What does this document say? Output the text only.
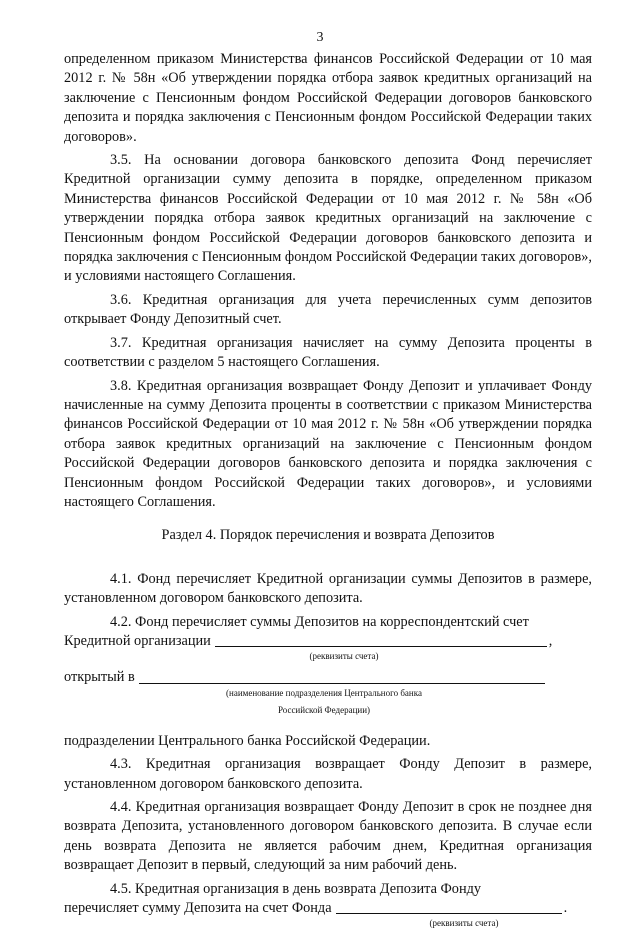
3

определенном приказом Министерства финансов Российской Федерации от 10 мая 2012 г. № 58н «Об утверждении порядка отбора заявок кредитных организаций на заключение с Пенсионным фондом Российской Федерации договоров банковского депозита и порядка заключения с Пенсионным фондом Российской Федерации таких договоров».

3.5. На основании договора банковского депозита Фонд перечисляет Кредитной организации сумму депозита в порядке, определенном приказом Министерства финансов Российской Федерации от 10 мая 2012 г. № 58н «Об утверждении порядка отбора заявок кредитных организаций на заключение с Пенсионным фондом Российской Федерации договоров банковского депозита и порядка заключения с Пенсионным фондом Российской Федерации таких договоров», и условиями настоящего Соглашения.

3.6. Кредитная организация для учета перечисленных сумм депозитов открывает Фонду Депозитный счет.

3.7. Кредитная организация начисляет на сумму Депозита проценты в соответствии с разделом 5 настоящего Соглашения.

3.8. Кредитная организация возвращает Фонду Депозит и уплачивает Фонду начисленные на сумму Депозита проценты в соответствии с приказом Министерства финансов Российской Федерации от 10 мая 2012 г. № 58н «Об утверждении порядка отбора заявок кредитных организаций на заключение с Пенсионным фондом Российской Федерации договоров банковского депозита и порядка заключения с Пенсионным фондом Российской Федерации таких договоров», и условиями настоящего Соглашения.

Раздел 4. Порядок перечисления и возврата Депозитов

4.1. Фонд перечисляет Кредитной организации суммы Депозитов в размере, установленном договором банковского депозита.

4.2. Фонд перечисляет суммы Депозитов на корреспондентский счет

Кредитной организации	,
(реквизиты счета)
открытый в
(наименование подразделения Центрального банка
Российской Федерации)

подразделении Центрального банка Российской Федерации.

4.3. Кредитная организация возвращает Фонду Депозит в размере, установленном договором банковского депозита.

4.4. Кредитная организация возвращает Фонду Депозит в срок не позднее дня возврата Депозита, установленного договором банковского депозита. В случае если день возврата Депозита не является рабочим днем, Кредитная организация возвращает Депозит в первый, следующий за ним рабочий день.

4.5. Кредитная организация в день возврата Депозита Фонду

перечисляет сумму Депозита на счет Фонда	.
(реквизиты счета)
